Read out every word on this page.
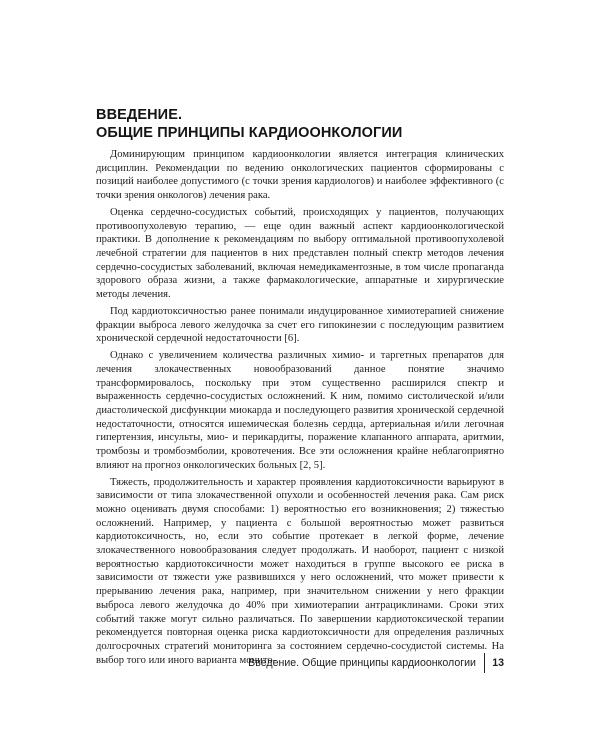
ВВЕДЕНИЕ.
ОБЩИЕ ПРИНЦИПЫ КАРДИООНКОЛОГИИ

Доминирующим принципом кардиоонкологии является интеграция клинических дисциплин. Рекомендации по ведению онкологических пациентов сформированы с позиций наиболее допустимого (с точки зрения кардиологов) и наиболее эффективного (с точки зрения онкологов) лечения рака.

Оценка сердечно-сосудистых событий, происходящих у пациентов, получающих противоопухолевую терапию, — еще один важный аспект кардиоонкологической практики. В дополнение к рекомендациям по выбору оптимальной противоопухолевой лечебной стратегии для пациентов в них представлен полный спектр методов лечения сердечно-сосудистых заболеваний, включая немедикаментозные, в том числе пропаганда здорового образа жизни, а также фармакологические, аппаратные и хирургические методы лечения.

Под кардиотоксичностью ранее понимали индуцированное химиотерапией снижение фракции выброса левого желудочка за счет его гипокинезии с последующим развитием хронической сердечной недостаточности [6].

Однако с увеличением количества различных химио- и таргетных препаратов для лечения злокачественных новообразований данное понятие значимо трансформировалось, поскольку при этом существенно расширился спектр и выраженность сердечно-сосудистых осложнений. К ним, помимо систолической и/или диастолической дисфункции миокарда и последующего развития хронической сердечной недостаточности, относятся ишемическая болезнь сердца, артериальная и/или легочная гипертензия, инсульты, мио- и перикардиты, поражение клапанного аппарата, аритмии, тромбозы и тромбоэмболии, кровотечения. Все эти осложнения крайне неблагоприятно влияют на прогноз онкологических больных [2, 5].

Тяжесть, продолжительность и характер проявления кардиотоксичности варьируют в зависимости от типа злокачественной опухоли и особенностей лечения рака. Сам риск можно оценивать двумя способами: 1) вероятностью его возникновения; 2) тяжестью осложнений. Например, у пациента с большой вероятностью может развиться кардиотоксичность, но, если это событие протекает в легкой форме, лечение злокачественного новообразования следует продолжать. И наоборот, пациент с низкой вероятностью кардиотоксичности может находиться в группе высокого ее риска в зависимости от тяжести уже развившихся у него осложнений, что может привести к прерыванию лечения рака, например, при значительном снижении у него фракции выброса левого желудочка до 40% при химиотерапии антрациклинами. Сроки этих событий также могут сильно различаться. По завершении кардиотоксической терапии рекомендуется повторная оценка риска кардиотоксичности для определения различных долгосрочных стратегий мониторинга за состоянием сердечно-сосудистой системы. На выбор того или иного варианта монито-

Введение. Общие принципы кардиоонкологии 13
